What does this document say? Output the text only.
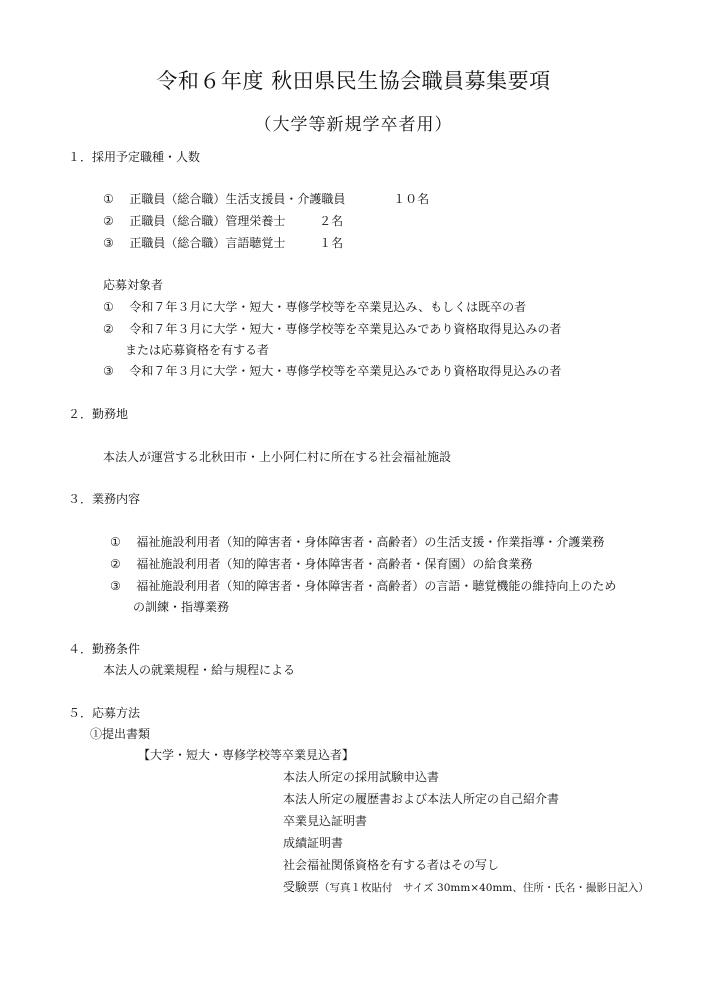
令和６年度 秋田県民生協会職員募集要項
（大学等新規学卒者用）
１．採用予定職種・人数
① 正職員（総合職）生活支援員・介護職員	１０名
② 正職員（総合職）管理栄養士	２名
③ 正職員（総合職）言語聴覚士	１名
応募対象者
① 令和７年３月に大学・短大・専修学校等を卒業見込み、もしくは既卒の者
② 令和７年３月に大学・短大・専修学校等を卒業見込みであり資格取得見込みの者
または応募資格を有する者
③ 令和７年３月に大学・短大・専修学校等を卒業見込みであり資格取得見込みの者
２．勤務地
本法人が運営する北秋田市・上小阿仁村に所在する社会福祉施設
３．業務内容
① 福祉施設利用者（知的障害者・身体障害者・高齢者）の生活支援・作業指導・介護業務
② 福祉施設利用者（知的障害者・身体障害者・高齢者・保育園）の給食業務
③ 福祉施設利用者（知的障害者・身体障害者・高齢者）の言語・聴覚機能の維持向上のため
の訓練・指導業務
４．勤務条件
本法人の就業規程・給与規程による
５．応募方法
①提出書類
【大学・短大・専修学校等卒業見込者】
本法人所定の採用試験申込書
本法人所定の履歴書および本法人所定の自己紹介書
卒業見込証明書
成績証明書
社会福祉関係資格を有する者はその写し
受験票（写真１枚貼付　サイズ 30mm×40mm、住所・氏名・撮影日記入）
